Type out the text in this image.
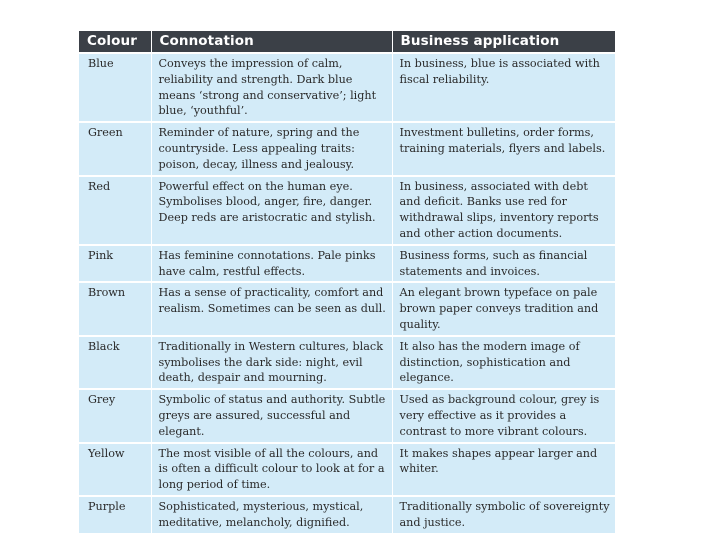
Colour	Connotation	Business application
Blue	Conveys the impression of calm, reliability and strength. Dark blue means ‘strong and conservative’; light blue, ‘youthful’.	In business, blue is associated with fiscal reliability.
Green	Reminder of nature, spring and the countryside. Less appealing traits: poison, decay, illness and jealousy.	Investment bulletins, order forms, training materials, flyers and labels.
Red	Powerful effect on the human eye. Symbolises blood, anger, fire, danger. Deep reds are aristocratic and stylish.	In business, associated with debt and deficit. Banks use red for withdrawal slips, inventory reports and other action documents.
Pink	Has feminine connotations. Pale pinks have calm, restful effects.	Business forms, such as financial statements and invoices.
Brown	Has a sense of practicality, comfort and realism. Sometimes can be seen as dull.	An elegant brown typeface on pale brown paper conveys tradition and quality.
Black	Traditionally in Western cultures, black symbolises the dark side: night, evil death, despair and mourning.	It also has the modern image of distinction, sophistication and elegance.
Grey	Symbolic of status and authority. Subtle greys are assured, successful and elegant.	Used as background colour, grey is very effective as it provides a contrast to more vibrant colours.
Yellow	The most visible of all the colours, and is often a difficult colour to look at for a long period of time.	It makes shapes appear larger and whiter.
Purple	Sophisticated, mysterious, mystical, meditative, melancholy, dignified.	Traditionally symbolic of sovereignty and justice.
